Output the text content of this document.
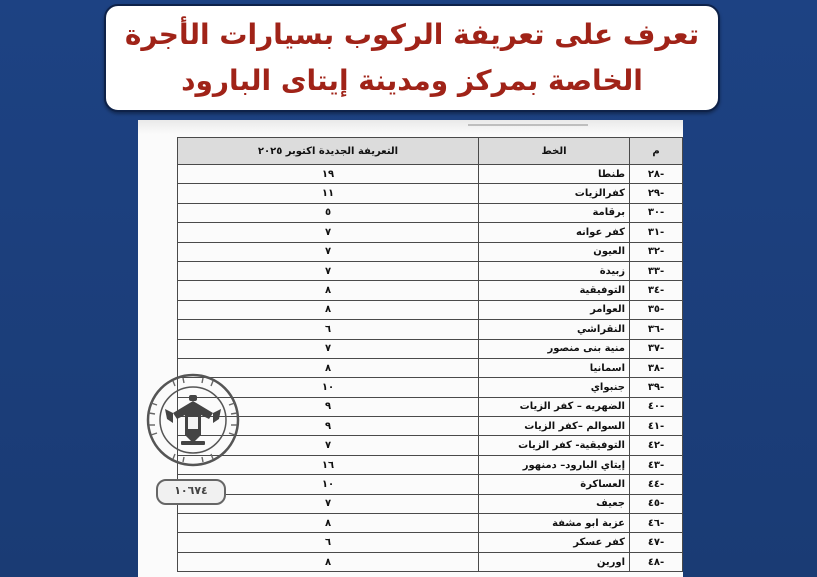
تعرف على تعريفة الركوب بسيارات الأجرة
الخاصة بمركز ومدينة إيتاى البارود
م	الخط	التعريفة الجديدة اكتوبر ٢٠٢٥
-٢٨	طنطا	١٩
-٢٩	كفرالزيات	١١
-٣٠	برقامة	٥
-٣١	كفر عوانه	٧
-٣٢	العيون	٧
-٣٣	زبيدة	٧
-٣٤	التوفيقية	٨
-٣٥	العوامر	٨
-٣٦	النقراشي	٦
-٣٧	منية بنى منصور	٧
-٣٨	اسمانيا	٨
-٣٩	جنبواي	١٠
-٤٠	الضهريه – كفر الزيات	٩
-٤١	السوالم –كفر الزيات	٩
-٤٢	التوفيقية- كفر الزيات	٧
-٤٣	إيتاي البارود– دمنهور	١٦
-٤٤	العساكرة	١٠
-٤٥	جعيف	٧
-٤٦	عزبة ابو مشفة	٨
-٤٧	كفر عسكر	٦
-٤٨	اورين	٨
١٠٦٧٤
